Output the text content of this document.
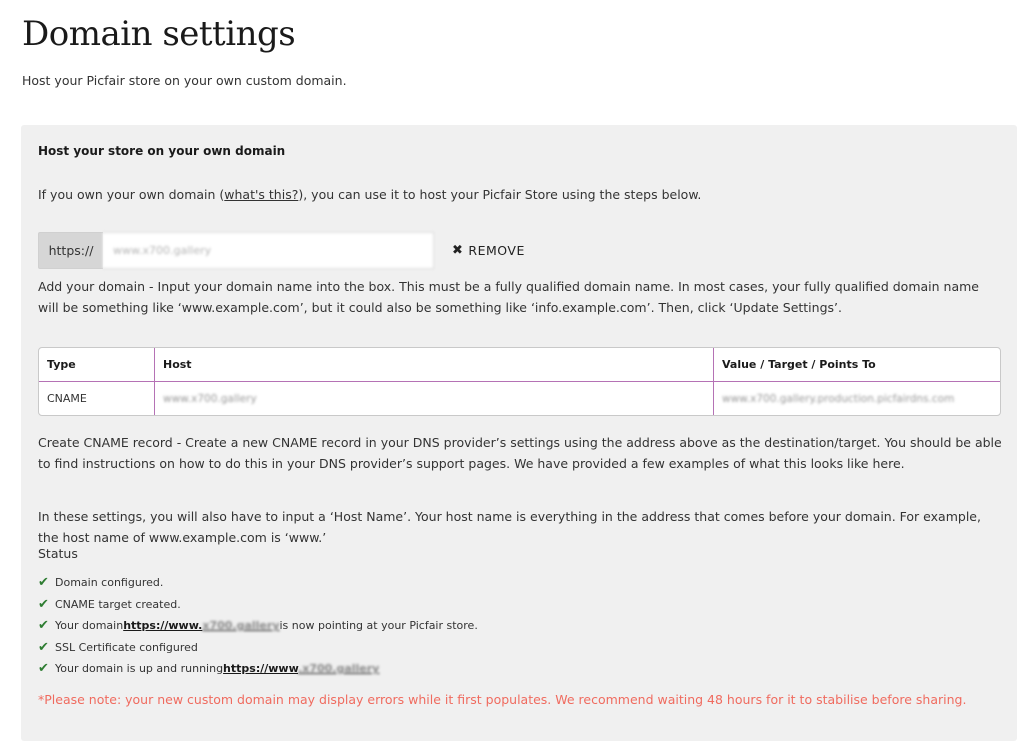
Domain settings

Host your Picfair store on your own custom domain.

Host your store on your own domain

If you own your own domain (what's this?), you can use it to host your Picfair Store using the steps below.

https://	www.x700.gallery	✖ REMOVE

Add your domain - Input your domain name into the box. This must be a fully qualified domain name. In most cases, your fully qualified domain name will be something like ‘www.example.com’, but it could also be something like ‘info.example.com’. Then, click ‘Update Settings’.

Type	Host	Value / Target / Points To
CNAME	www.x700.gallery	www.x700.gallery.production.picfairdns.com

Create CNAME record - Create a new CNAME record in your DNS provider’s settings using the address above as the destination/target. You should be able to find instructions on how to do this in your DNS provider’s support pages. We have provided a few examples of what this looks like here.

In these settings, you will also have to input a ‘Host Name’. Your host name is everything in the address that comes before your domain. For example, the host name of www.example.com is ‘www.’

Status
✔ Domain configured.
✔ CNAME target created.
✔ Your domain https://www.x700.gallery is now pointing at your Picfair store.
✔ SSL Certificate configured
✔ Your domain is up and running https://www.x700.gallery

*Please note: your new custom domain may display errors while it first populates. We recommend waiting 48 hours for it to stabilise before sharing.
